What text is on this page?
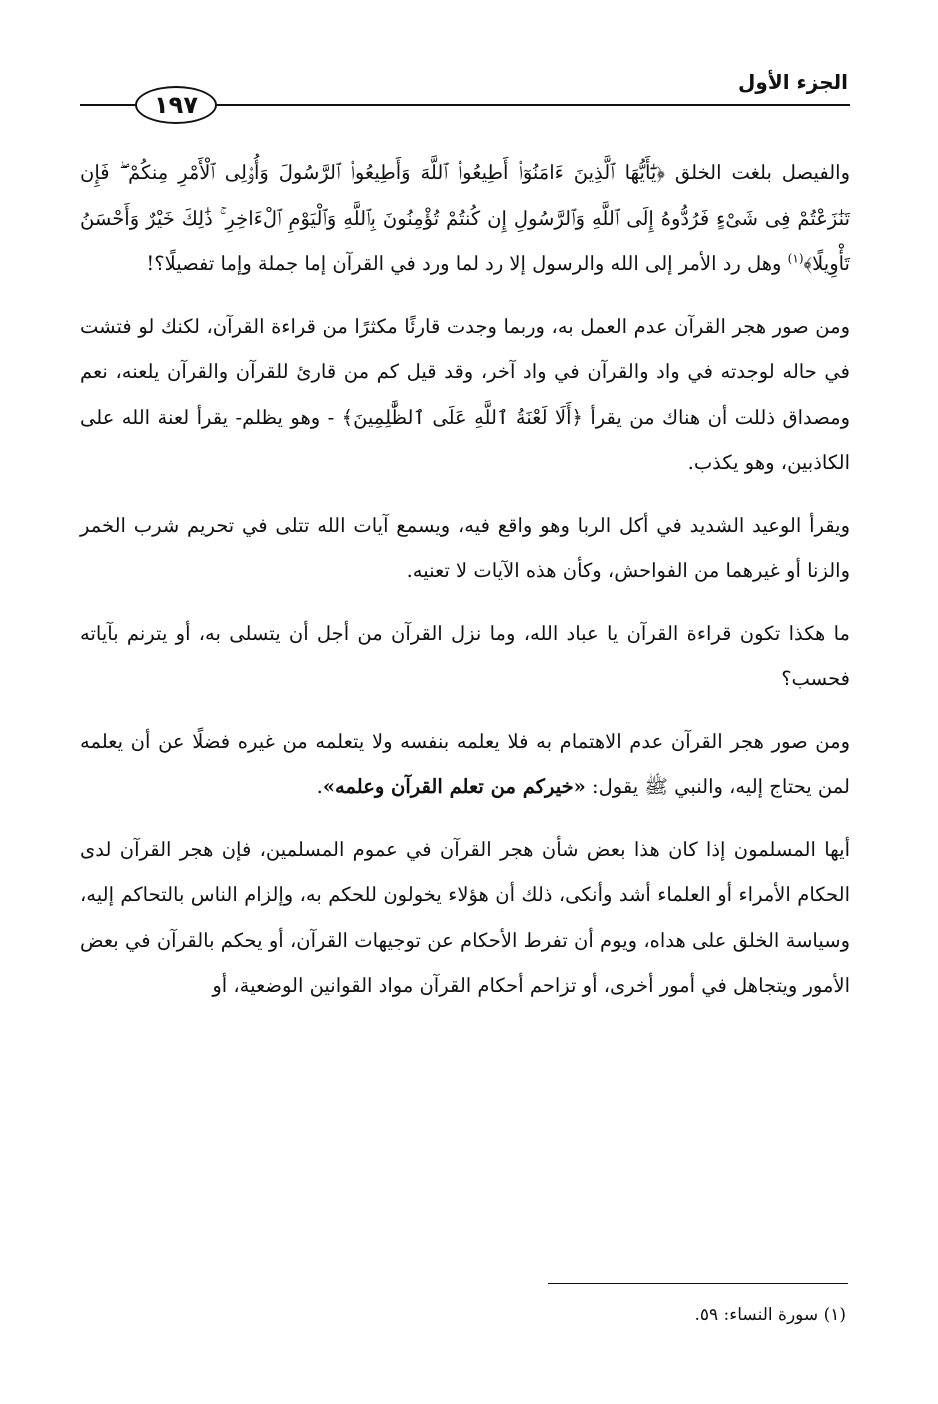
الجزء الأول
١٩٧

والفيصل بلغت الخلق ﴿يَٰٓأَيُّهَا ٱلَّذِينَ ءَامَنُوٓا۟ أَطِيعُوا۟ ٱللَّهَ وَأَطِيعُوا۟ ٱلرَّسُولَ وَأُو۟لِى ٱلْأَمْرِ مِنكُمْ ۖ فَإِن تَنَٰزَعْتُمْ فِى شَىْءٍ فَرُدُّوهُ إِلَى ٱللَّهِ وَٱلرَّسُولِ إِن كُنتُمْ تُؤْمِنُونَ بِٱللَّهِ وَٱلْيَوْمِ ٱلْءَاخِرِ ۚ ذَٰلِكَ خَيْرٌ وَأَحْسَنُ تَأْوِيلًا﴾$^{(١)}$ وهل رد الأمر إلى الله والرسول إلا رد لما ورد في القرآن إما جملة وإما تفصيلًا؟!

ومن صور هجر القرآن عدم العمل به، وربما وجدت قارئًا مكثرًا من قراءة القرآن، لكنك لو فتشت في حاله لوجدته في واد والقرآن في واد آخر، وقد قيل كم من قارئ للقرآن والقرآن يلعنه، نعم ومصداق ذللت أن هناك من يقرأ ﴿أَلَا لَعْنَةُ ٱللَّهِ عَلَى ٱلظَّٰلِمِينَ﴾ - وهو يظلم- يقرأ لعنة الله على الكاذبين، وهو يكذب.

ويقرأ الوعيد الشديد في أكل الربا وهو واقع فيه، ويسمع آيات الله تتلى في تحريم شرب الخمر والزنا أو غيرهما من الفواحش، وكأن هذه الآيات لا تعنيه.

ما هكذا تكون قراءة القرآن يا عباد الله، وما نزل القرآن من أجل أن يتسلى به، أو يترنم بآياته فحسب؟

ومن صور هجر القرآن عدم الاهتمام به فلا يعلمه بنفسه ولا يتعلمه من غيره فضلًا عن أن يعلمه لمن يحتاج إليه، والنبي ﷺ يقول: «خيركم من تعلم القرآن وعلمه».

أيها المسلمون إذا كان هذا بعض شأن هجر القرآن في عموم المسلمين، فإن هجر القرآن لدى الحكام الأمراء أو العلماء أشد وأنكى، ذلك أن هؤلاء يخولون للحكم به، وإلزام الناس بالتحاكم إليه، وسياسة الخلق على هداه، ويوم أن تفرط الأحكام عن توجيهات القرآن، أو يحكم بالقرآن في بعض الأمور ويتجاهل في أمور أخرى، أو تزاحم أحكام القرآن مواد القوانين الوضعية، أو

(١) سورة النساء: ٥٩.
